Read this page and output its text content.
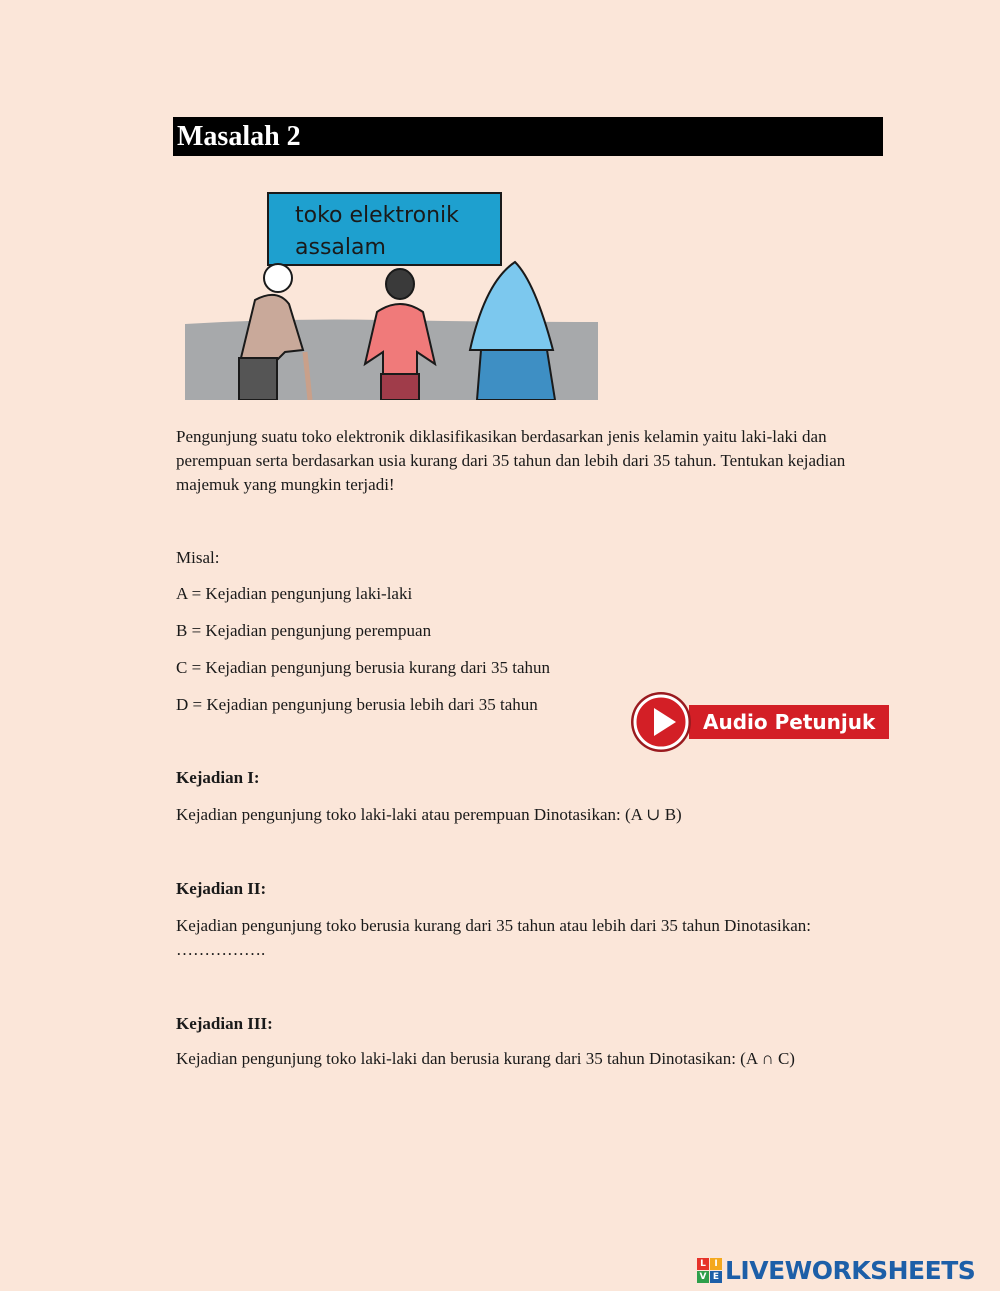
Masalah 2
toko elektronik
assalam
Pengunjung suatu toko elektronik diklasifikasikan berdasarkan jenis kelamin yaitu laki-laki dan perempuan serta berdasarkan usia kurang dari 35 tahun dan lebih dari 35 tahun. Tentukan kejadian majemuk yang mungkin terjadi!
Misal:
A = Kejadian pengunjung laki-laki
B = Kejadian pengunjung perempuan
C = Kejadian pengunjung berusia kurang dari 35 tahun
D = Kejadian pengunjung berusia lebih dari 35 tahun
Audio Petunjuk
Kejadian I:
Kejadian pengunjung toko laki-laki atau perempuan Dinotasikan: (A ∪ B)
Kejadian II:
Kejadian pengunjung toko berusia kurang dari 35 tahun atau lebih dari 35 tahun Dinotasikan:
…………….
Kejadian III:
Kejadian pengunjung toko laki-laki dan berusia kurang dari 35 tahun Dinotasikan: (A ∩ C)
L I
V E LIVEWORKSHEETS
